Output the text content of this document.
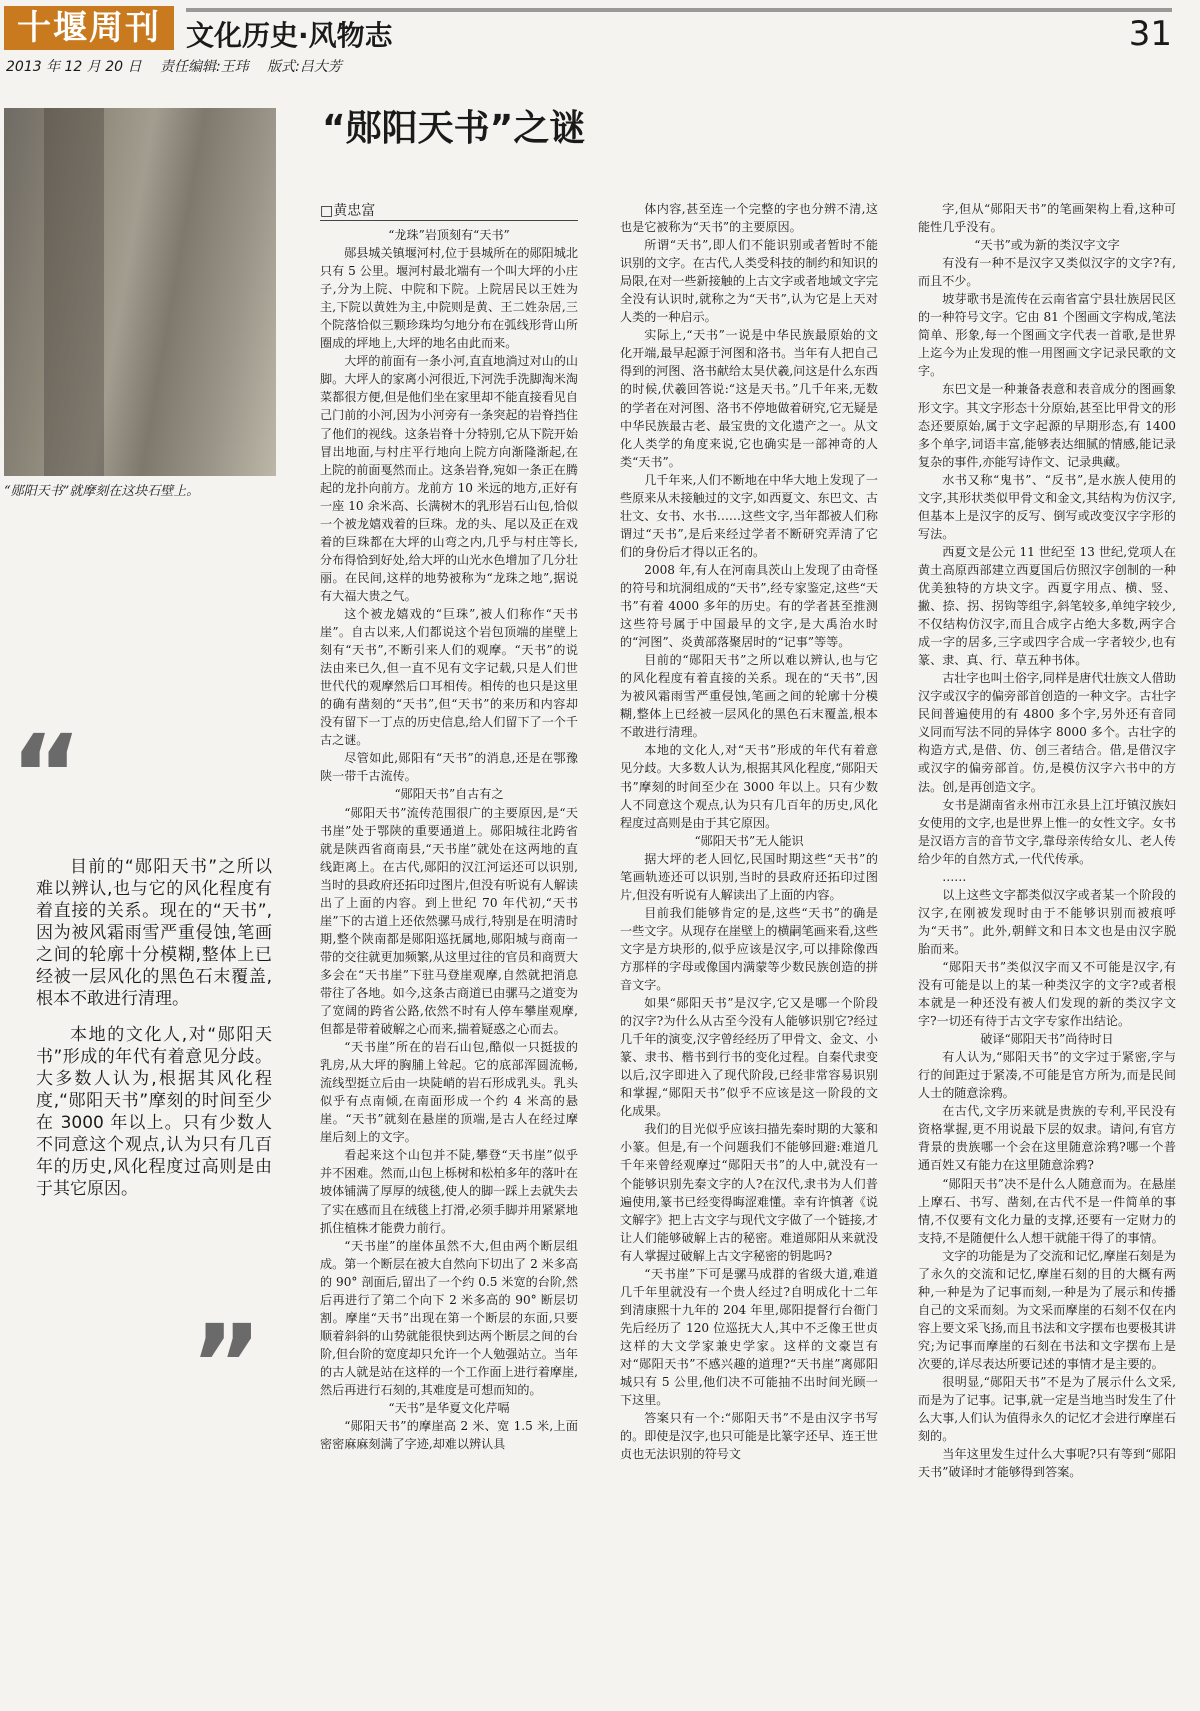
十堰周刊 文化历史·风物志	31
2013 年 12 月 20 日 责任编辑:王玮 版式:吕大芳
“郧阳天书”就摩刻在这块石壁上。
“郧阳天书”之谜
□黄忠富
“龙珠”岩顶刻有“天书”

郧县城关镇堰河村,位于县城所在的郧阳城北只有 5 公里。堰河村最北端有一个叫大坪的小庄子,分为上院、中院和下院。上院居民以王姓为主,下院以黄姓为主,中院则是黄、王二姓杂居,三个院落恰似三颗珍珠均匀地分布在弧线形背山所圈成的坪地上,大坪的地名由此而来。

大坪的前面有一条小河,直直地淌过对山的山脚。大坪人的家离小河很近,下河洗手洗脚淘米淘菜都很方便,但是他们坐在家里却不能直接看见自己门前的小河,因为小河旁有一条突起的岩脊挡住了他们的视线。这条岩脊十分特别,它从下院开始冒出地面,与村庄平行地向上院方向渐隆渐起,在上院的前面戛然而止。这条岩脊,宛如一条正在腾起的龙扑向前方。龙前方 10 米远的地方,正好有一座 10 余米高、长满树木的乳形岩石山包,恰似一个被龙嬉戏着的巨珠。龙的头、尾以及正在戏着的巨珠都在大坪的山弯之内,几乎与村庄等长,分布得恰到好处,给大坪的山光水色增加了几分壮丽。在民间,这样的地势被称为“龙珠之地”,据说有大福大贵之气。

这个被龙嬉戏的“巨珠”,被人们称作“天书崖”。自古以来,人们都说这个岩包顶端的崖壁上刻有“天书”,不断引来人们的观摩。“天书”的说法由来已久,但一直不见有文字记载,只是人们世世代代的观摩然后口耳相传。相传的也只是这里的确有凿刻的“天书”,但“天书”的来历和内容却没有留下一丁点的历史信息,给人们留下了一个千古之谜。

尽管如此,郧阳有“天书”的消息,还是在鄂豫陕一带千古流传。

“郧阳天书”自古有之

“郧阳天书”流传范围很广的主要原因,是“天书崖”处于鄂陕的重要通道上。郧阳城往北跨省就是陕西省商南县,“天书崖”就处在这两地的直线距离上。在古代,郧阳的汉江河运还可以识别,当时的县政府还拓印过图片,但没有听说有人解读出了上面的内容。到上世纪 70 年代初,“天书崖”下的古道上还依然骡马成行,特别是在明清时期,整个陕南都是郧阳巡抚属地,郧阳城与商南一带的交往就更加频繁,从这里过往的官员和商贾大多会在“天书崖”下驻马登崖观摩,自然就把消息带往了各地。如今,这条古商道已由骡马之道变为了宽阔的跨省公路,依然不时有人停车攀崖观摩,但都是带着破解之心而来,揣着疑惑之心而去。

“天书崖”所在的岩石山包,酷似一只挺拔的乳房,从大坪的胸脯上耸起。它的底部浑圆流畅,流线型挺立后由一块陡峭的岩石形成乳头。乳头似乎有点南倾,在南面形成一个约 4 米高的悬崖。“天书”就刻在悬崖的顶端,是古人在经过摩崖后刻上的文字。

看起来这个山包并不陡,攀登“天书崖”似乎并不困难。然而,山包上栎树和松柏多年的落叶在坡体铺满了厚厚的绒毯,使人的脚一踩上去就失去了实在感而且在绒毯上打滑,必须手脚并用紧紧地抓住植株才能费力前行。

“天书崖”的崖体虽然不大,但由两个断层组成。第一个断层在被大自然向下切出了 2 米多高的 90° 剖面后,留出了一个约 0.5 米宽的台阶,然后再进行了第二个向下 2 米多高的 90° 断层切割。摩崖“天书”出现在第一个断层的东面,只要顺着斜斜的山势就能很快到达两个断层之间的台阶,但台阶的宽度却只允许一个人勉强站立。当年的古人就是站在这样的一个工作面上进行着摩崖,然后再进行石刻的,其难度是可想而知的。

“天书”是华夏文化芹嗝

“郧阳天书”的摩崖高 2 米、宽 1.5 米,上面密密麻麻刻满了字迹,却难以辨认具

体内容,甚至连一个完整的字也分辨不清,这也是它被称为“天书”的主要原因。

所谓“天书”,即人们不能识别或者暂时不能识别的文字。在古代,人类受科技的制约和知识的局限,在对一些新接触的上古文字或者地域文字完全没有认识时,就称之为“天书”,认为它是上天对人类的一种启示。

实际上,“天书”一说是中华民族最原始的文化开端,最早起源于河图和洛书。当年有人把自己得到的河图、洛书献给太昊伏羲,问这是什么东西的时候,伏羲回答说:“这是天书。”几千年来,无数的学者在对河图、洛书不停地做着研究,它无疑是中华民族最古老、最宝贵的文化遗产之一。从文化人类学的角度来说,它也确实是一部神奇的人类“天书”。

几千年来,人们不断地在中华大地上发现了一些原来从未接触过的文字,如西夏文、东巴文、古壮文、女书、水书……这些文字,当年都被人们称谓过“天书”,是后来经过学者不断研究弄清了它们的身份后才得以正名的。

2008 年,有人在河南具茨山上发现了由奇怪的符号和坑洞组成的“天书”,经专家鉴定,这些“天书”有着 4000 多年的历史。有的学者甚至推测这些符号属于中国最早的文字,是大禹治水时的“河图”、炎黄部落聚居时的“记事”等等。

目前的“郧阳天书”之所以难以辨认,也与它的风化程度有着直接的关系。现在的“天书”,因为被风霜雨雪严重侵蚀,笔画之间的轮廓十分模糊,整体上已经被一层风化的黑色石末覆盖,根本不敢进行清理。

本地的文化人,对“天书”形成的年代有着意见分歧。大多数人认为,根据其风化程度,“郧阳天书”摩刻的时间至少在 3000 年以上。只有少数人不同意这个观点,认为只有几百年的历史,风化程度过高则是由于其它原因。

“郧阳天书”无人能识

据大坪的老人回忆,民国时期这些“天书”的笔画轨迹还可以识别,当时的县政府还拓印过图片,但没有听说有人解读出了上面的内容。

目前我们能够肯定的是,这些“天书”的确是一些文字。从现存在崖壁上的横嗣笔画来看,这些文字是方块形的,似乎应该是汉字,可以排除像西方那样的字母或像国内满蒙等少数民族创造的拼音文字。

如果“郧阳天书”是汉字,它又是哪一个阶段的汉字?为什么从古至今没有人能够识别它?经过几千年的演变,汉字曾经经历了甲骨文、金文、小篆、隶书、楷书到行书的变化过程。自秦代隶变以后,汉字即进入了现代阶段,已经非常容易识别和掌握,“郧阳天书”似乎不应该是这一阶段的文化成果。

我们的目光似乎应该扫描先秦时期的大篆和小篆。但是,有一个问题我们不能够回避:难道几千年来曾经观摩过“郧阳天书”的人中,就没有一个能够识别先秦文字的人?在汉代,隶书为人们普遍使用,篆书已经变得晦涩难懂。幸有许慎著《说文解字》把上古文字与现代文字做了一个链接,才让人们能够破解上古的秘密。难道郧阳从来就没有人掌握过破解上古文字秘密的钥匙吗?

“天书崖”下可是骡马成群的省级大道,难道几千年里就没有一个贵人经过?自明成化十二年到清康熙十九年的 204 年里,郧阳提督行台衙门先后经历了 120 位巡抚大人,其中不乏像王世贞这样的大文学家兼史学家。这样的文豪岂有对“郧阳天书”不感兴趣的道理?“天书崖”离郧阳城只有 5 公里,他们决不可能抽不出时间光顾一下这里。

答案只有一个:“郧阳天书”不是由汉字书写的。即使是汉字,也只可能是比篆字还早、连王世贞也无法识别的符号文

字,但从“郧阳天书”的笔画架构上看,这种可能性几乎没有。

“天书”或为新的类汉字文字

有没有一种不是汉字又类似汉字的文字?有,而且不少。

坡芽歌书是流传在云南省富宁县壮族居民区的一种符号文字。它由 81 个图画文字构成,笔法简单、形象,每一个图画文字代表一首歌,是世界上迄今为止发现的惟一用图画文字记录民歌的文字。

东巴文是一种兼备表意和表音成分的图画象形文字。其文字形态十分原始,甚至比甲骨文的形态还要原始,属于文字起源的早期形态,有 1400 多个单字,词语丰富,能够表达细腻的情感,能记录复杂的事件,亦能写诗作文、记录典藏。

水书又称“鬼书”、“反书”,是水族人使用的文字,其形状类似甲骨文和金文,其结构为仿汉字,但基本上是汉字的反写、倒写或改变汉字字形的写法。

西夏文是公元 11 世纪至 13 世纪,党项人在黄土高原西部建立西夏国后仿照汉字创制的一种优美独特的方块文字。西夏字用点、横、竖、撇、捺、拐、拐钩等组字,斜笔较多,单纯字较少,不仅结构仿汉字,而且合成字占绝大多数,两字合成一字的居多,三字或四字合成一字者较少,也有篆、隶、真、行、草五种书体。

古壮字也叫土俗字,同样是唐代壮族文人借助汉字或汉字的偏旁部首创造的一种文字。古壮字民间普遍使用的有 4800 多个字,另外还有音同义同而写法不同的异体字 8000 多个。古壮字的构造方式,是借、仿、创三者结合。借,是借汉字或汉字的偏旁部首。仿,是模仿汉字六书中的方法。创,是再创造文字。

女书是湖南省永州市江永县上江圩镇汉族妇女使用的文字,也是世界上惟一的女性文字。女书是汉语方言的音节文字,靠母亲传给女儿、老人传给少年的自然方式,一代代传承。

……

以上这些文字都类似汉字或者某一个阶段的汉字,在刚被发现时由于不能够识别而被痕呼为“天书”。此外,朝鲜文和日本文也是由汉字脱胎而来。

“郧阳天书”类似汉字而又不可能是汉字,有没有可能是以上的某一种类汉字的文字?或者根本就是一种还没有被人们发现的新的类汉字文字?一切还有待于古文字专家作出结论。

破译“郧阳天书”尚待时日

有人认为,“郧阳天书”的文字过于紧密,字与行的间距过于紧凑,不可能是官方所为,而是民间人士的随意涂鸦。

在古代,文字历来就是贵族的专利,平民没有资格掌握,更不用说最下层的奴隶。请问,有官方背景的贵族哪一个会在这里随意涂鸦?哪一个普通百姓又有能力在这里随意涂鸦?

“郧阳天书”决不是什么人随意而为。在悬崖上摩石、书写、凿刻,在古代不是一件简单的事情,不仅要有文化力量的支撑,还要有一定财力的支持,不是随便什么人想干就能干得了的事情。

文字的功能是为了交流和记忆,摩崖石刻是为了永久的交流和记忆,摩崖石刻的目的大概有两种,一种是为了记事而刻,一种是为了展示和传播自己的文采而刻。为文采而摩崖的石刻不仅在内容上要文采飞扬,而且书法和文字摆布也要极其讲究;为记事而摩崖的石刻在书法和文字摆布上是次要的,详尽表达所要记述的事情才是主要的。

很明显,“郧阳天书”不是为了展示什么文采,而是为了记事。记事,就一定是当地当时发生了什么大事,人们认为值得永久的记忆才会进行摩崖石刻的。

当年这里发生过什么大事呢?只有等到“郧阳天书”破译时才能够得到答案。

“

目前的“郧阳天书”之所以难以辨认,也与它的风化程度有着直接的关系。现在的“天书”,因为被风霜雨雪严重侵蚀,笔画之间的轮廓十分模糊,整体上已经被一层风化的黑色石末覆盖,根本不敢进行清理。

本地的文化人,对“郧阳天书”形成的年代有着意见分歧。大多数人认为,根据其风化程度,“郧阳天书”摩刻的时间至少在 3000 年以上。只有少数人不同意这个观点,认为只有几百年的历史,风化程度过高则是由于其它原因。

”
